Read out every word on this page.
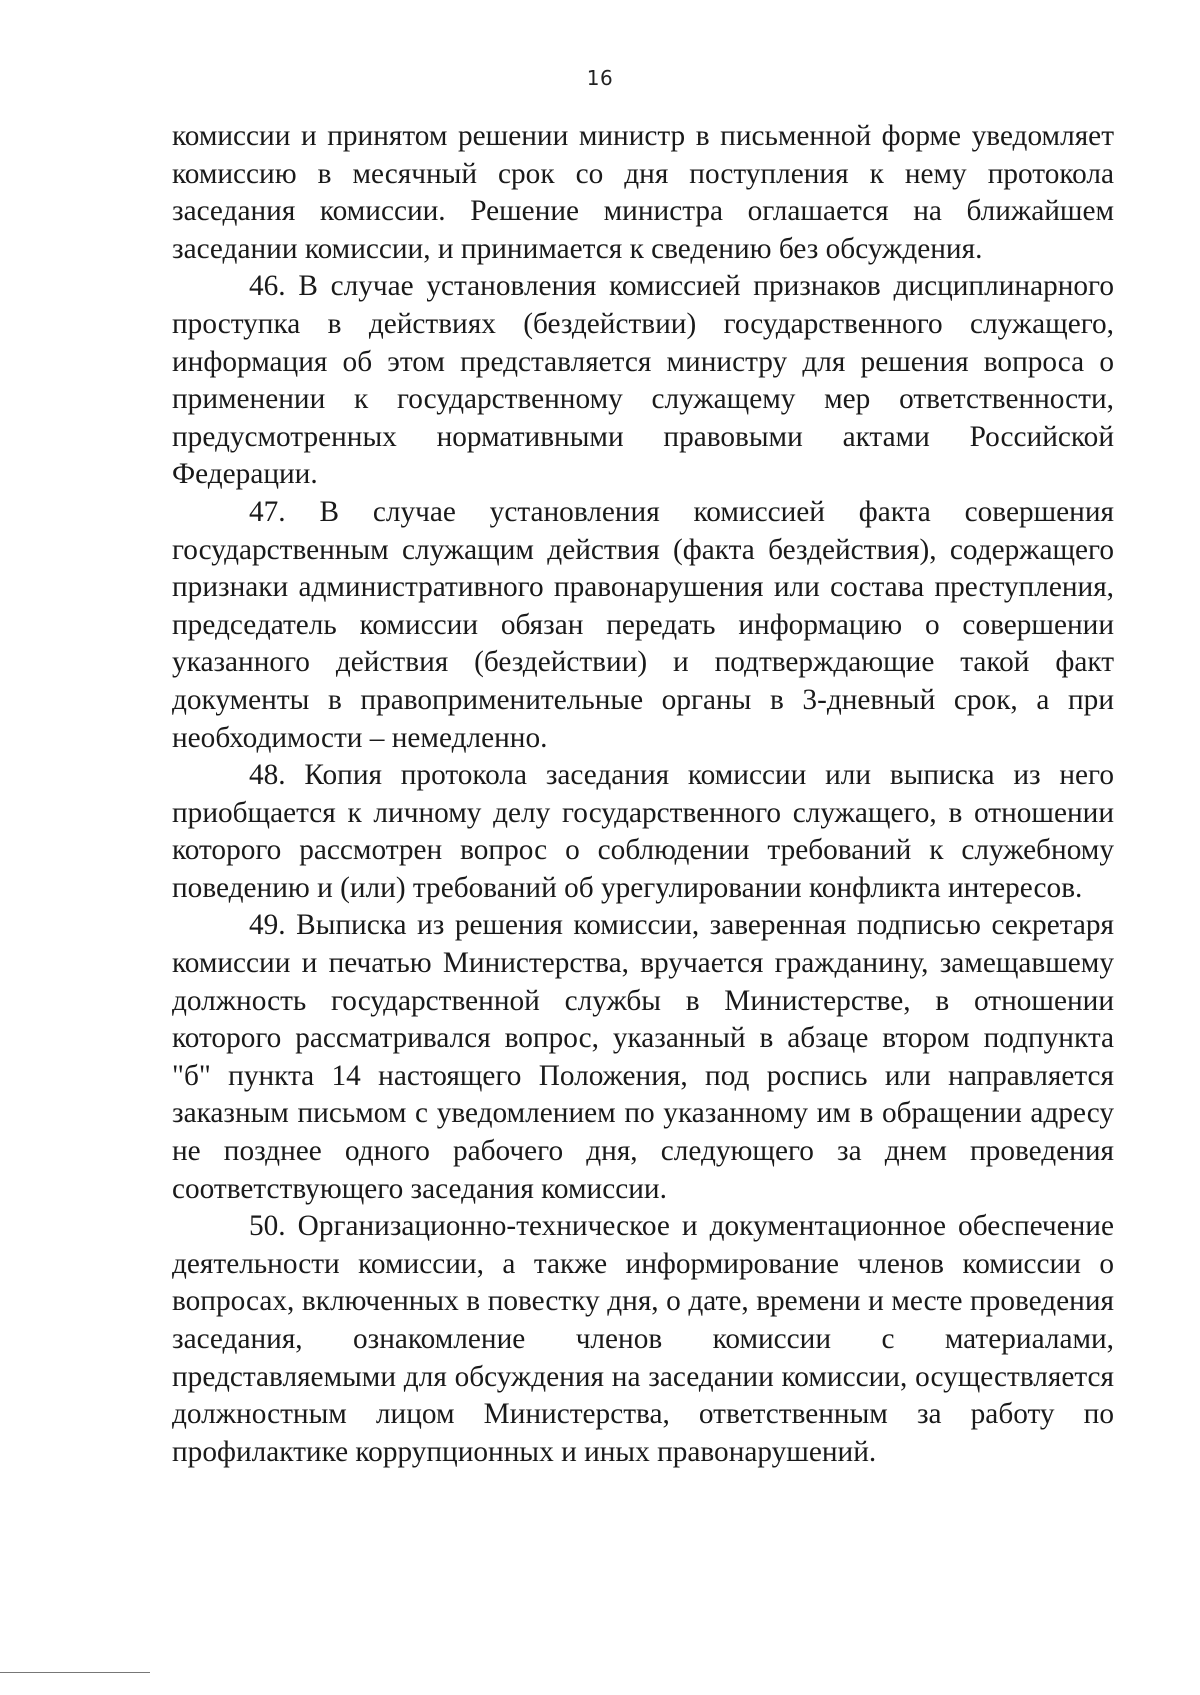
16

комиссии и принятом решении министр в письменной форме уведомляет комиссию в месячный срок со дня поступления к нему протокола заседания комиссии. Решение министра оглашается на ближайшем заседании комиссии, и принимается к сведению без обсуждения.

46. В случае установления комиссией признаков дисциплинарного проступка в действиях (бездействии) государственного служащего, информация об этом представляется министру для решения вопроса о применении к государственному служащему мер ответственности, предусмотренных нормативными правовыми актами Российской Федерации.

47. В случае установления комиссией факта совершения государственным служащим действия (факта бездействия), содержащего признаки административного правонарушения или состава преступления, председатель комиссии обязан передать информацию о совершении указанного действия (бездействии) и подтверждающие такой факт документы в правоприменительные органы в 3-дневный срок, а при необходимости – немедленно.

48. Копия протокола заседания комиссии или выписка из него приобщается к личному делу государственного служащего, в отношении которого рассмотрен вопрос о соблюдении требований к служебному поведению и (или) требований об урегулировании конфликта интересов.

49. Выписка из решения комиссии, заверенная подписью секретаря комиссии и печатью Министерства, вручается гражданину, замещавшему должность государственной службы в Министерстве, в отношении которого рассматривался вопрос, указанный в абзаце втором подпункта "б" пункта 14 настоящего Положения, под роспись или направляется заказным письмом с уведомлением по указанному им в обращении адресу не позднее одного рабочего дня, следующего за днем проведения соответствующего заседания комиссии.

50. Организационно-техническое и документационное обеспечение деятельности комиссии, а также информирование членов комиссии о вопросах, включенных в повестку дня, о дате, времени и месте проведения заседания, ознакомление членов комиссии с материалами, представляемыми для обсуждения на заседании комиссии, осуществляется должностным лицом Министерства, ответственным за работу по профилактике коррупционных и иных правонарушений.
